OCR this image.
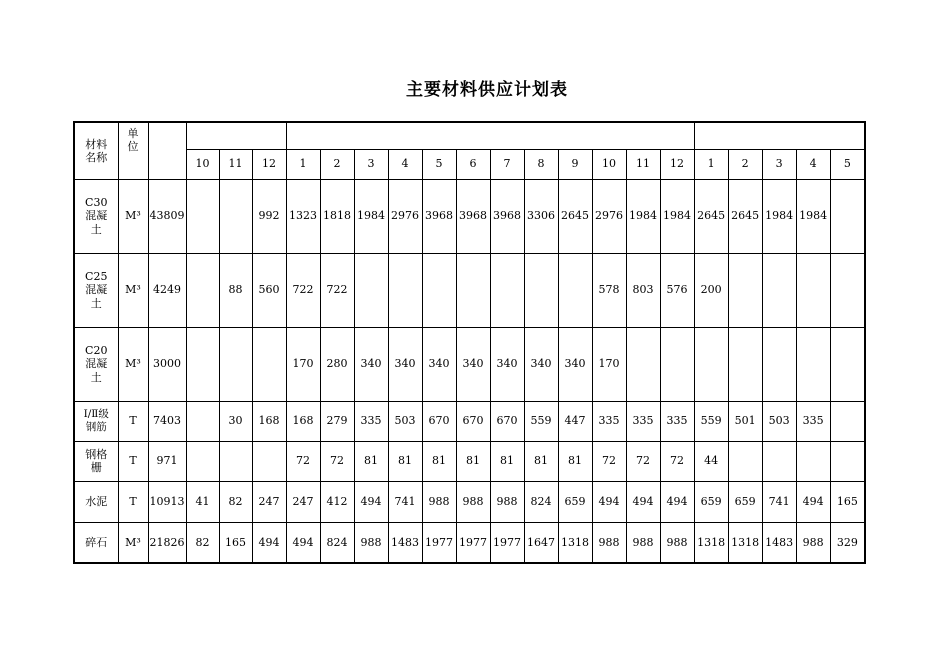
主要材料供应计划表
材料名称	单位																					
			10	11	12	1	2	3	4	5	6	7	8	9	10	11	12	1	2	3	4	5
C30混凝土	M³	43809			992	1323	1818	1984	2976	3968	3968	3968	3306	2645	2976	1984	1984	2645	2645	1984	1984	
C25混凝土	M³	4249		88	560	722	722								578	803	576	200				
C20混凝土	M³	3000				170	280	340	340	340	340	340	340	340	170							
Ⅰ/Ⅱ级钢筋	T	7403		30	168	168	279	335	503	670	670	670	559	447	335	335	335	559	501	503	335	
钢格栅	T	971				72	72	81	81	81	81	81	81	81	72	72	72	44				
水泥	T	10913	41	82	247	247	412	494	741	988	988	988	824	659	494	494	494	659	659	741	494	165
碎石	M³	21826	82	165	494	494	824	988	1483	1977	1977	1977	1647	1318	988	988	988	1318	1318	1483	988	329
